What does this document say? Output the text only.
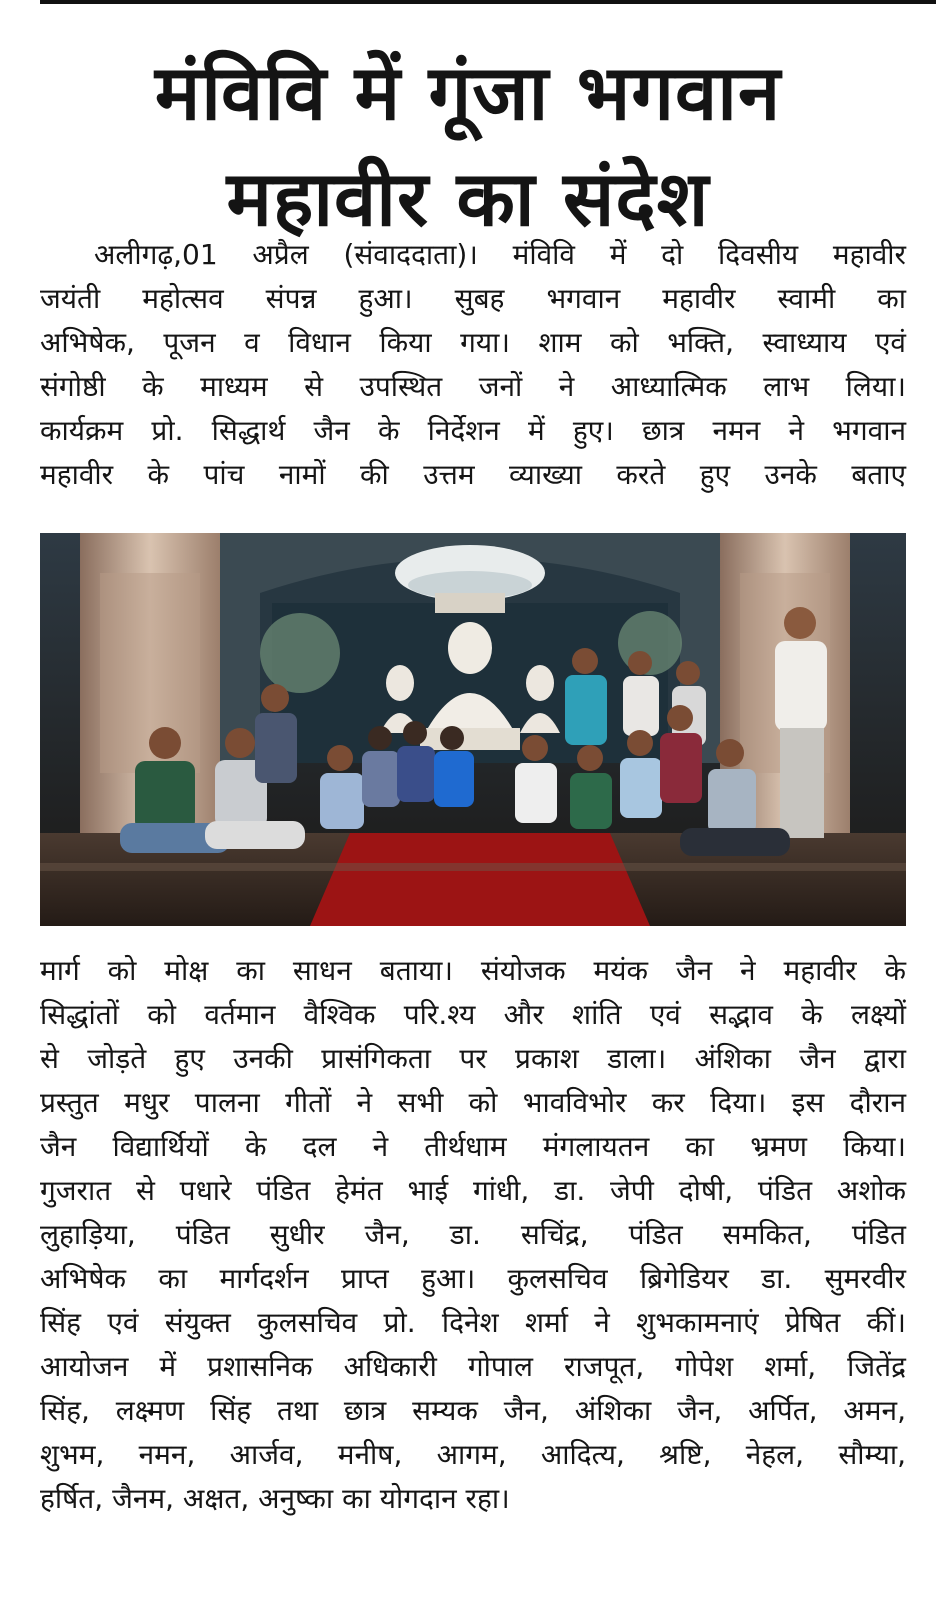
मंविवि में गूंजा भगवान
महावीर का संदेश
अलीगढ़,01 अप्रैल (संवाददाता)। मंविवि में दो दिवसीय महावीर
जयंती महोत्सव संपन्न हुआ। सुबह भगवान महावीर स्वामी का
अभिषेक, पूजन व विधान किया गया। शाम को भक्ति, स्वाध्याय एवं
संगोष्ठी के माध्यम से उपस्थित जनों ने आध्यात्मिक लाभ लिया।
कार्यक्रम प्रो. सिद्धार्थ जैन के निर्देशन में हुए। छात्र नमन ने भगवान
महावीर के पांच नामों की उत्तम व्याख्या करते हुए उनके बताए
मार्ग को मोक्ष का साधन बताया। संयोजक मयंक जैन ने महावीर के
सिद्धांतों को वर्तमान वैश्विक परि.श्य और शांति एवं सद्भाव के लक्ष्यों
से जोड़ते हुए उनकी प्रासंगिकता पर प्रकाश डाला। अंशिका जैन द्वारा
प्रस्तुत मधुर पालना गीतों ने सभी को भावविभोर कर दिया। इस दौरान
जैन विद्यार्थियों के दल ने तीर्थधाम मंगलायतन का भ्रमण किया।
गुजरात से पधारे पंडित हेमंत भाई गांधी, डा. जेपी दोषी, पंडित अशोक
लुहाड़िया, पंडित सुधीर जैन, डा. सचिंद्र, पंडित समकित, पंडित
अभिषेक का मार्गदर्शन प्राप्त हुआ। कुलसचिव ब्रिगेडियर डा. सुमरवीर
सिंह एवं संयुक्त कुलसचिव प्रो. दिनेश शर्मा ने शुभकामनाएं प्रेषित कीं।
आयोजन में प्रशासनिक अधिकारी गोपाल राजपूत, गोपेश शर्मा, जितेंद्र
सिंह, लक्ष्मण सिंह तथा छात्र सम्यक जैन, अंशिका जैन, अर्पित, अमन,
शुभम, नमन, आर्जव, मनीष, आगम, आदित्य, श्रष्टि, नेहल, सौम्या,
हर्षित, जैनम, अक्षत, अनुष्का का योगदान रहा।
